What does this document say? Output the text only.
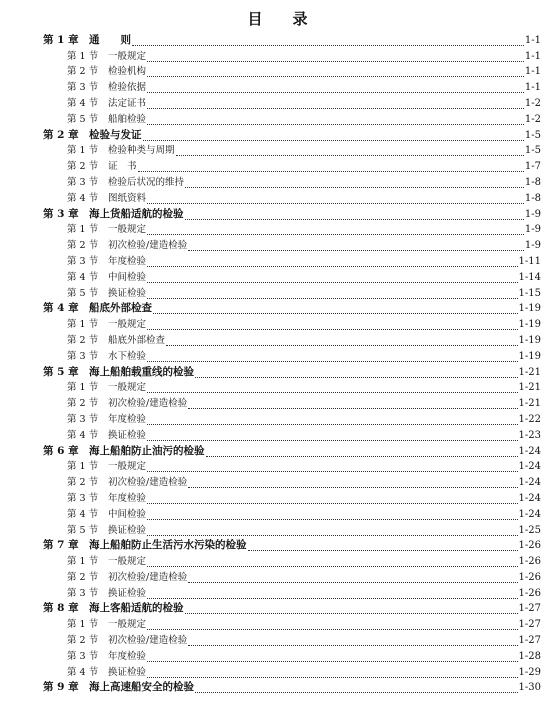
目　　录
第 1 章 通　　则	1-1
第 1 节	一般规定	1-1
第 2 节	检验机构	1-1
第 3 节	检验依据	1-1
第 4 节	法定证书	1-2
第 5 节	船舶检验	1-2
第 2 章 检验与发证	1-5
第 1 节	检验种类与周期	1-5
第 2 节	证　书	1-7
第 3 节	检验后状况的维持	1-8
第 4 节	图纸资料	1-8
第 3 章 海上货船适航的检验	1-9
第 1 节	一般规定	1-9
第 2 节	初次检验/建造检验	1-9
第 3 节	年度检验	1-11
第 4 节	中间检验	1-14
第 5 节	换证检验	1-15
第 4 章 船底外部检查	1-19
第 1 节	一般规定	1-19
第 2 节	船底外部检查	1-19
第 3 节	水下检验	1-19
第 5 章 海上船舶载重线的检验	1-21
第 1 节	一般规定	1-21
第 2 节	初次检验/建造检验	1-21
第 3 节	年度检验	1-22
第 4 节	换证检验	1-23
第 6 章 海上船舶防止油污的检验	1-24
第 1 节	一般规定	1-24
第 2 节	初次检验/建造检验	1-24
第 3 节	年度检验	1-24
第 4 节	中间检验	1-24
第 5 节	换证检验	1-25
第 7 章 海上船舶防止生活污水污染的检验	1-26
第 1 节	一般规定	1-26
第 2 节	初次检验/建造检验	1-26
第 3 节	换证检验	1-26
第 8 章 海上客船适航的检验	1-27
第 1 节	一般规定	1-27
第 2 节	初次检验/建造检验	1-27
第 3 节	年度检验	1-28
第 4 节	换证检验	1-29
第 9 章 海上高速船安全的检验	1-30
